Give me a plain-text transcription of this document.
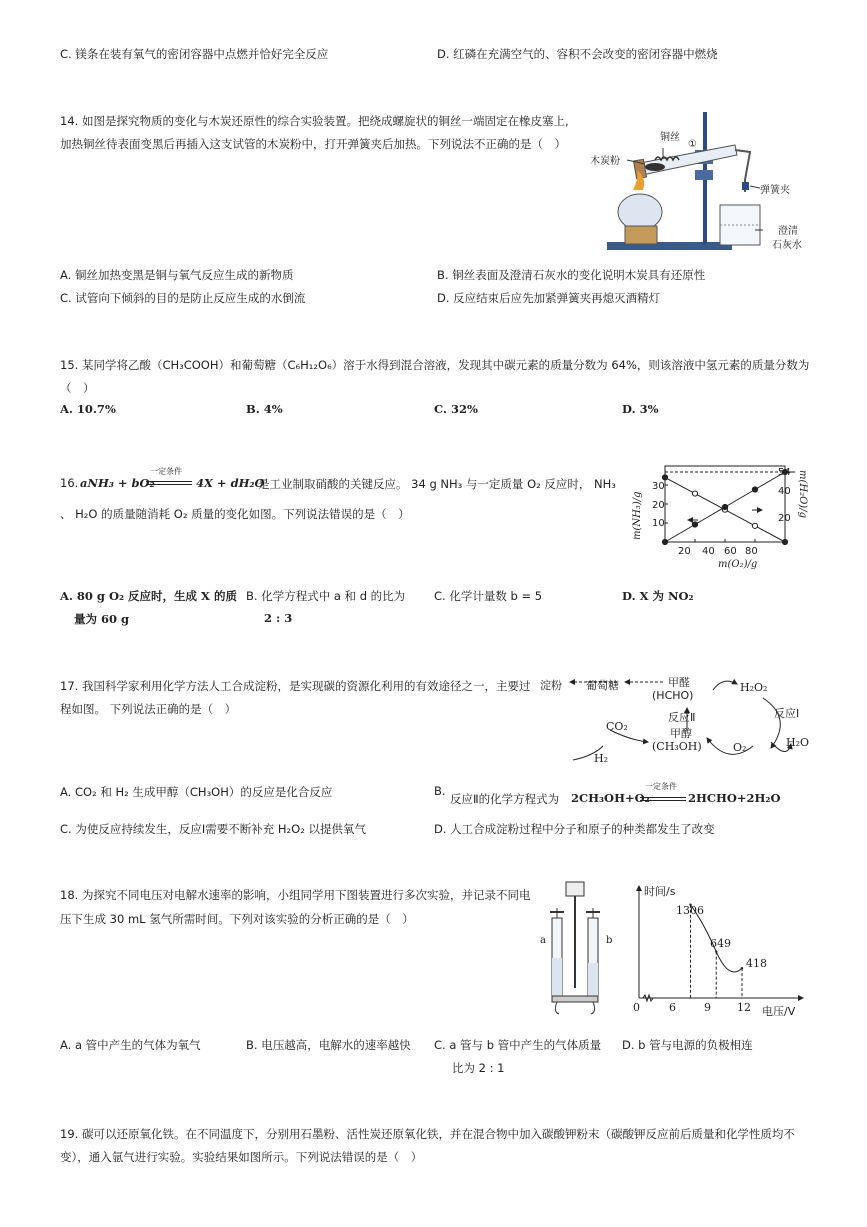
C. 镁条在装有氧气的密闭容器中点燃并恰好完全反应	D. 红磷在充满空气的、容积不会改变的密闭容器中燃烧
14. 如图是探究物质的变化与木炭还原性的综合实验装置。把绕成螺旋状的铜丝一端固定在橡皮塞上,
加热铜丝待表面变黑后再插入这支试管的木炭粉中，打开弹簧夹后加热。下列说法不正确的是（　）	铜丝
①
木炭粉
弹簧夹
澄清
石灰水
A. 铜丝加热变黑是铜与氧气反应生成的新物质	B. 铜丝表面及澄清石灰水的变化说明木炭具有还原性
C. 试管向下倾斜的目的是防止反应生成的水倒流	D. 反应结束后应先加紧弹簧夹再熄灭酒精灯
15. 某同学将乙酸（CH₃COOH）和葡萄糖（C₆H₁₂O₆）溶于水得到混合溶液，发现其中碳元素的质量分数为 64%，则该溶液中氢元素的质量分数为
（　）
A. 10.7%	B. 4%	C. 32%	D. 3%
16. aNH₃ + bO₂
一定条件
4X + dH₂O
是工业制取硝酸的关键反应。 34 g NH₃ 与一定质量 O₂ 反应时， NH₃
、 H₂O 的质量随消耗 O₂ 质量的变化如图。下列说法错误的是（　）	m(NH₃)/g	m(H₂O)/g
10
20
30
20
40
54
20 40 60 80
m(O₂)/g
A. 80 g O₂ 反应时，生成 X 的质
量为 60 g
B. 化学方程式中 a 和 d 的比为
2 : 3
C. 化学计量数 b = 5	D. X 为 NO₂
17. 我国科学家利用化学方法人工合成淀粉，是实现碳的资源化利用的有效途径之一，主要过
程如图。 下列说法正确的是（　）
淀粉 葡萄糖	甲醛
(HCHO)
H₂O₂
反应Ⅱ	反应Ⅰ
CO₂
甲醇
(CH₃OH)
H₂
O₂	H₂O
A. CO₂ 和 H₂ 生成甲醇（CH₃OH）的反应是化合反应	B.
反应Ⅱ的化学方程式为 2CH₃OH+O₂
一定条件
2HCHO+2H₂O
C. 为使反应持续发生，反应Ⅰ需要不断补充 H₂O₂ 以提供氧气	D. 人工合成淀粉过程中分子和原子的种类都发生了改变
18. 为探究不同电压对电解水速率的影响，小组同学用下图装置进行多次实验，并记录不同电
压下生成 30 mL 氢气所需时间。下列对该实验的分析正确的是（　）
a	b
时间/s
0	6	9 12 电压/V
1306
649
418
A. a 管中产生的气体为氧气	B. 电压越高，电解水的速率越快 C. a 管与 b 管中产生的气体质量
比为 2 : 1
D. b 管与电源的负极相连
19. 碳可以还原氧化铁。在不同温度下，分别用石墨粉、活性炭还原氧化铁，并在混合物中加入碳酸钾粉末（碳酸钾反应前后质量和化学性质均不
变），通入氩气进行实验。实验结果如图所示。下列说法错误的是（　）
